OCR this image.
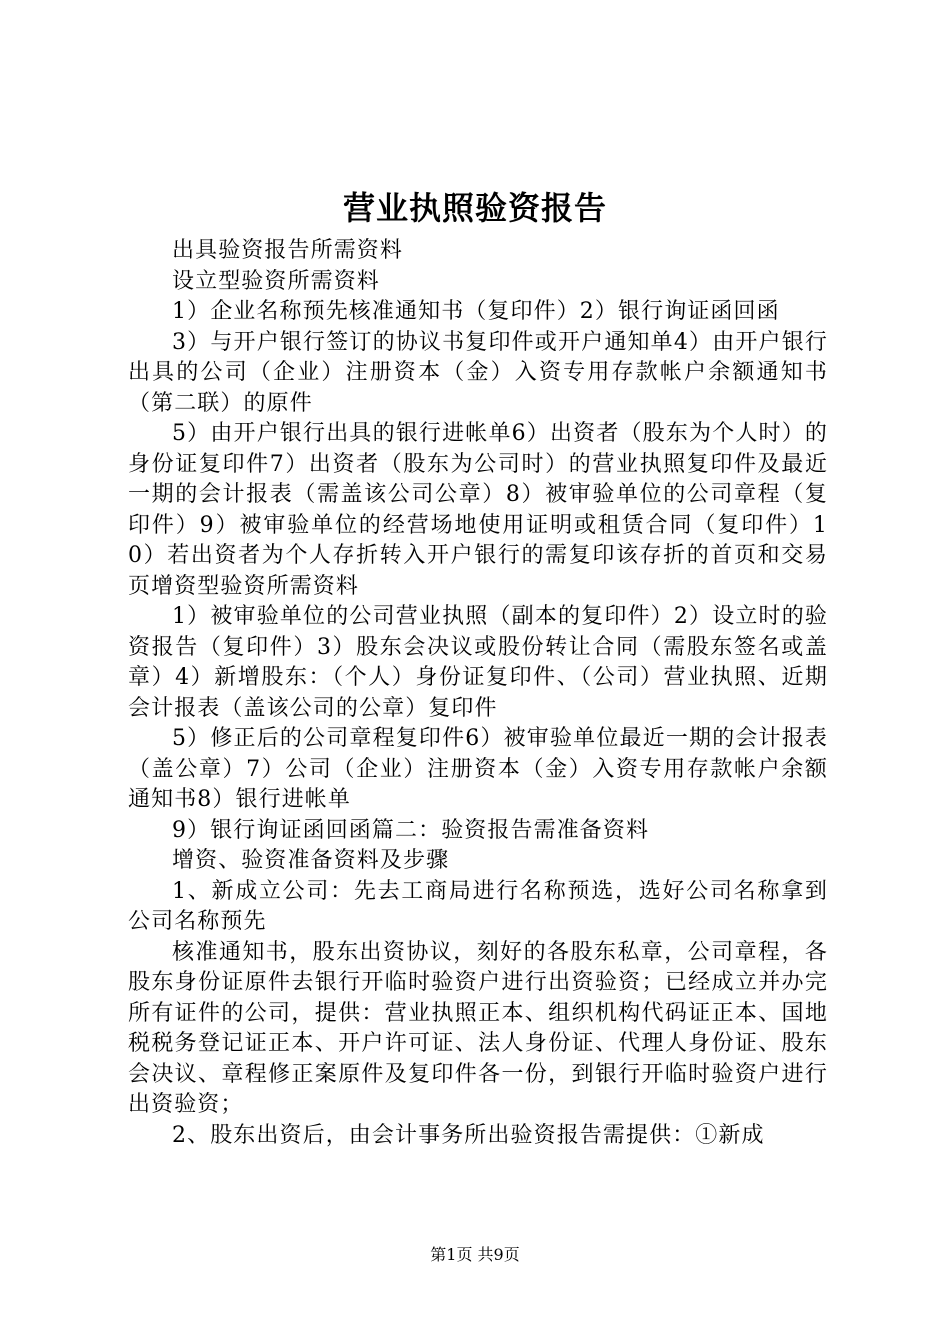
营业执照验资报告

出具验资报告所需资料

设立型验资所需资料

1）企业名称预先核准通知书（复印件）2）银行询证函回函

3）与开户银行签订的协议书复印件或开户通知单4）由开户银行出具的公司（企业）注册资本（金）入资专用存款帐户余额通知书（第二联）的原件

5）由开户银行出具的银行进帐单6）出资者（股东为个人时）的身份证复印件7）出资者（股东为公司时）的营业执照复印件及最近一期的会计报表（需盖该公司公章）8）被审验单位的公司章程（复印件）9）被审验单位的经营场地使用证明或租赁合同（复印件）10）若出资者为个人存折转入开户银行的需复印该存折的首页和交易页增资型验资所需资料

1）被审验单位的公司营业执照（副本的复印件）2）设立时的验资报告（复印件）3）股东会决议或股份转让合同（需股东签名或盖章）4）新增股东：（个人）身份证复印件、（公司）营业执照、近期会计报表（盖该公司的公章）复印件

5）修正后的公司章程复印件6）被审验单位最近一期的会计报表（盖公章）7）公司（企业）注册资本（金）入资专用存款帐户余额通知书8）银行进帐单

9）银行询证函回函篇二：验资报告需准备资料

增资、验资准备资料及步骤

1、新成立公司：先去工商局进行名称预选，选好公司名称拿到公司名称预先

核准通知书，股东出资协议，刻好的各股东私章，公司章程，各股东身份证原件去银行开临时验资户进行出资验资；已经成立并办完所有证件的公司，提供：营业执照正本、组织机构代码证正本、国地税税务登记证正本、开户许可证、法人身份证、代理人身份证、股东会决议、章程修正案原件及复印件各一份，到银行开临时验资户进行出资验资；

2、股东出资后，由会计事务所出验资报告需提供：①新成

第1页 共9页
